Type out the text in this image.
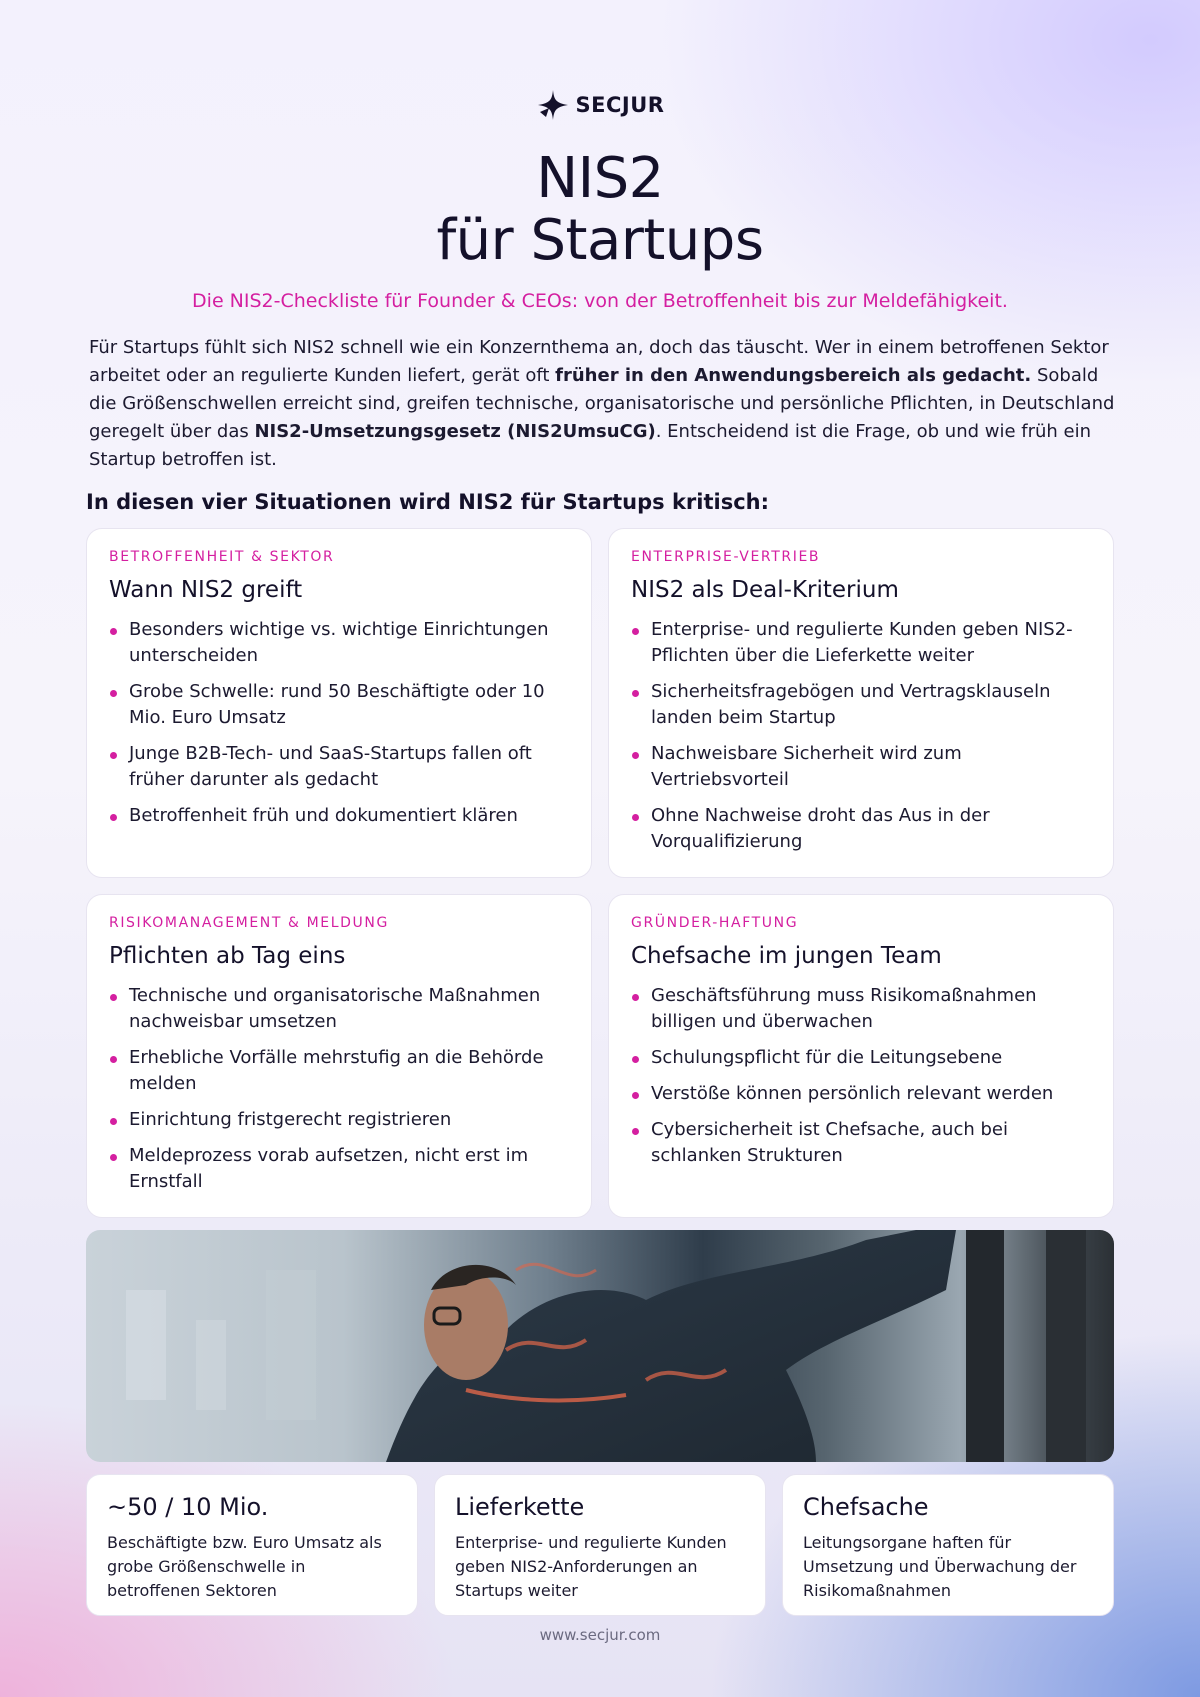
SECJUR
NIS2
für Startups
Die NIS2-Checkliste für Founder & CEOs: von der Betroffenheit bis zur Meldefähigkeit.

Für Startups fühlt sich NIS2 schnell wie ein Konzernthema an, doch das täuscht. Wer in einem betroffenen Sektor arbeitet oder an regulierte Kunden liefert, gerät oft früher in den Anwendungsbereich als gedacht. Sobald die Größenschwellen erreicht sind, greifen technische, organisatorische und persönliche Pflichten, in Deutschland geregelt über das NIS2-Umsetzungsgesetz (NIS2UmsuCG). Entscheidend ist die Frage, ob und wie früh ein Startup betroffen ist.

In diesen vier Situationen wird NIS2 für Startups kritisch:
BETROFFENHEIT & SEKTOR
Wann NIS2 greift
Besonders wichtige vs. wichtige Einrichtungen unterscheiden
Grobe Schwelle: rund 50 Beschäftigte oder 10 Mio. Euro Umsatz
Junge B2B-Tech- und SaaS-Startups fallen oft früher darunter als gedacht
Betroffenheit früh und dokumentiert klären
ENTERPRISE-VERTRIEB
NIS2 als Deal-Kriterium
Enterprise- und regulierte Kunden geben NIS2-Pflichten über die Lieferkette weiter
Sicherheitsfragebögen und Vertragsklauseln landen beim Startup
Nachweisbare Sicherheit wird zum Vertriebsvorteil
Ohne Nachweise droht das Aus in der Vorqualifizierung
RISIKOMANAGEMENT & MELDUNG
Pflichten ab Tag eins
Technische und organisatorische Maßnahmen nachweisbar umsetzen
Erhebliche Vorfälle mehrstufig an die Behörde melden
Einrichtung fristgerecht registrieren
Meldeprozess vorab aufsetzen, nicht erst im Ernstfall
GRÜNDER-HAFTUNG
Chefsache im jungen Team
Geschäftsführung muss Risikomaßnahmen billigen und überwachen
Schulungspflicht für die Leitungsebene
Verstöße können persönlich relevant werden
Cybersicherheit ist Chefsache, auch bei schlanken Strukturen
~50 / 10 Mio.
Beschäftigte bzw. Euro Umsatz als grobe Größenschwelle in betroffenen Sektoren
Lieferkette
Enterprise- und regulierte Kunden geben NIS2-Anforderungen an Startups weiter
Chefsache
Leitungsorgane haften für Umsetzung und Überwachung der Risikomaßnahmen
www.secjur.com
